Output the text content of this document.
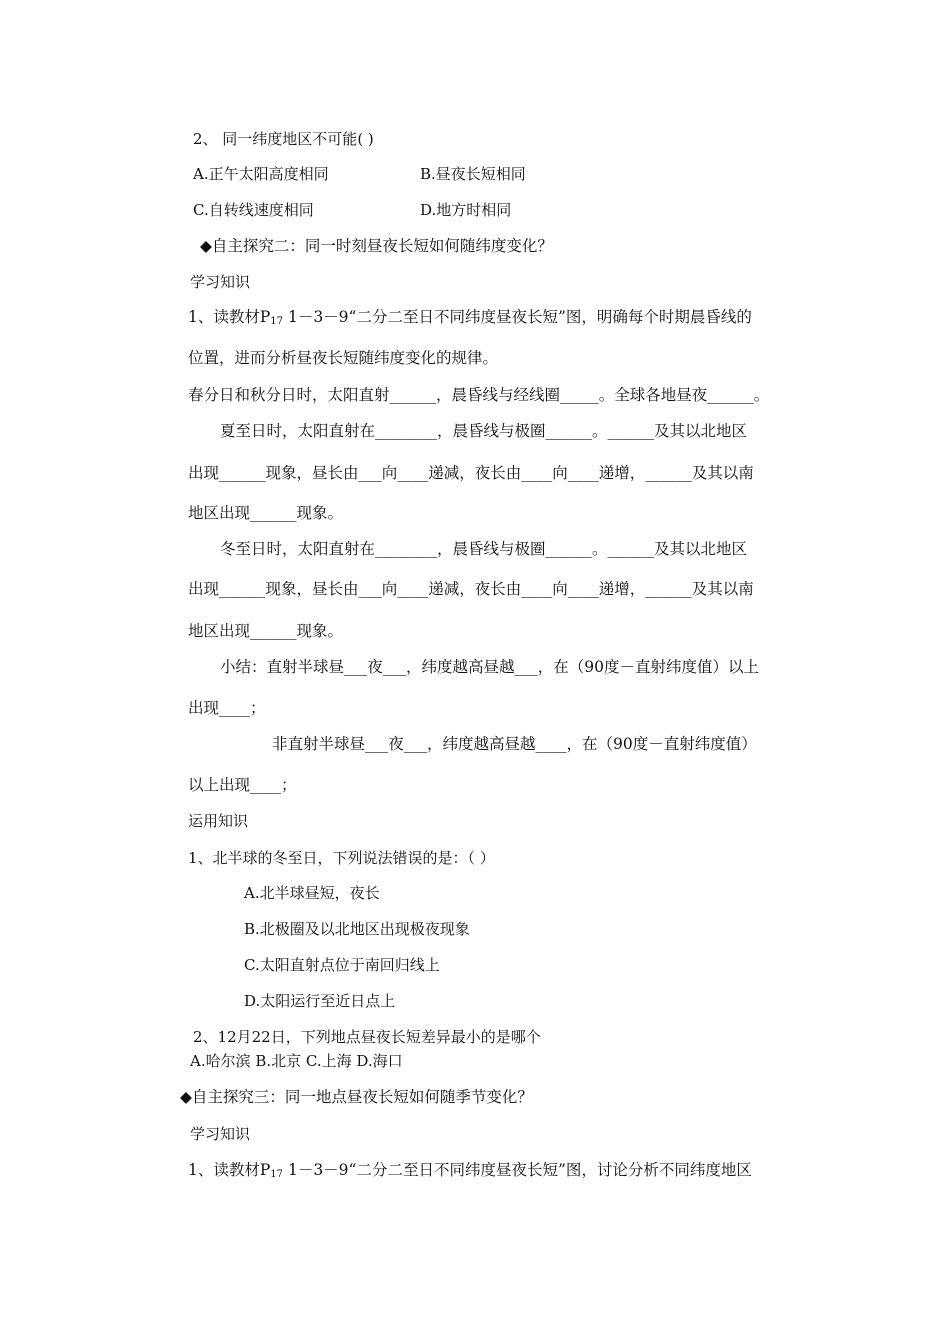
2、 同一纬度地区不可能( )
A.正午太阳高度相同	B.昼夜长短相同
C.自转线速度相同	D.地方时相同
◆自主探究二：同一时刻昼夜长短如何随纬度变化？
学习知识
1、读教材$P_{17}$ 1－3－9“二分二至日不同纬度昼夜长短”图，明确每个时期晨昏线的
位置，进而分析昼夜长短随纬度变化的规律。
春分日和秋分日时，太阳直射______，晨昏线与经线圈_____。全球各地昼夜______。
夏至日时，太阳直射在________，晨昏线与极圈______。______及其以北地区
出现______现象，昼长由___向____递减，夜长由____向____递增，______及其以南
地区出现______现象。
冬至日时，太阳直射在________，晨昏线与极圈______。______及其以北地区
出现______现象，昼长由___向____递减，夜长由____向____递增，______及其以南
地区出现______现象。
小结：直射半球昼___夜___，纬度越高昼越___，在（90度－直射纬度值）以上
出现____；
非直射半球昼___夜___，纬度越高昼越____，在（90度－直射纬度值）
以上出现____；
运用知识
1、北半球的冬至日，下列说法错误的是：（ ）
A.北半球昼短，夜长
B.北极圈及以北地区出现极夜现象
C.太阳直射点位于南回归线上
D.太阳运行至近日点上
2、12月22日，下列地点昼夜长短差异最小的是哪个
A.哈尔滨 B.北京 C.上海 D.海口
◆自主探究三：同一地点昼夜长短如何随季节变化？
学习知识
1、读教材$P_{17}$ 1－3－9“二分二至日不同纬度昼夜长短”图，讨论分析不同纬度地区
